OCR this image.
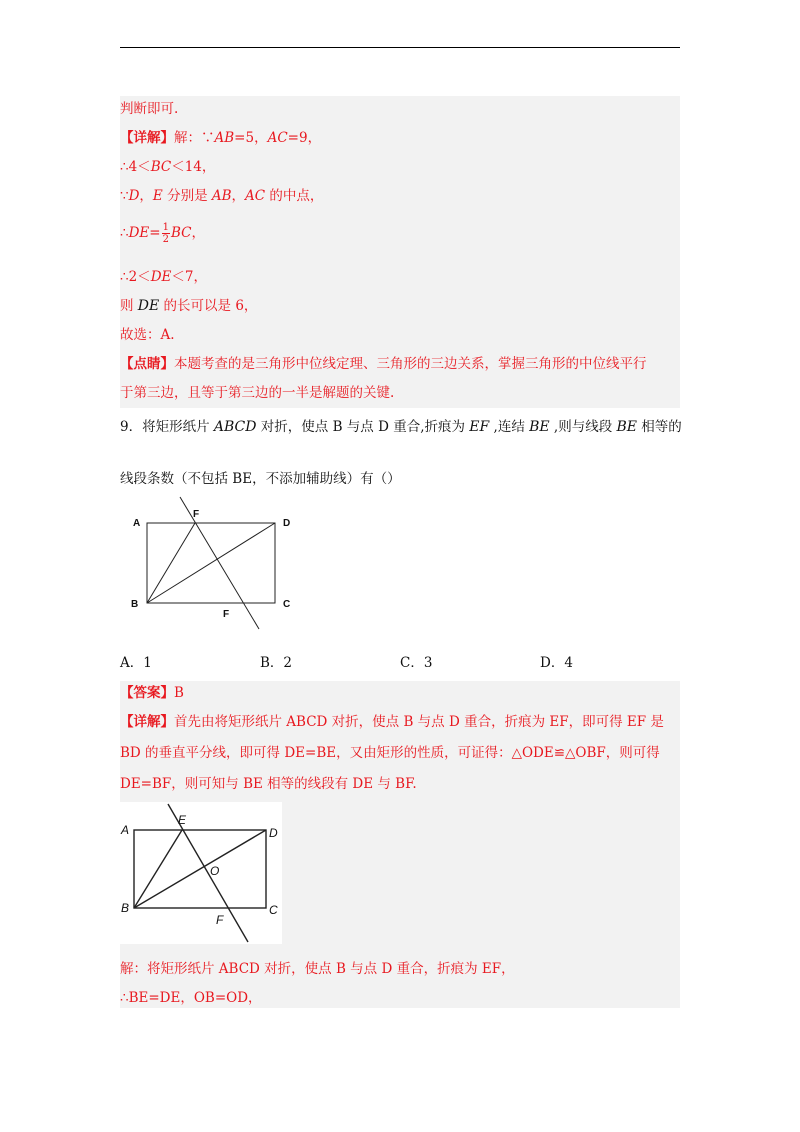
判断即可.
【详解】解：∵AB=5，AC=9，
∴4＜BC＜14，
∵D，E 分别是 AB，AC 的中点，
∴DE= $\frac{1}{2}$ BC，
∴2＜DE＜7，
则 DE 的长可以是 6，
故选：A.
【点睛】本题考查的是三角形中位线定理、三角形的三边关系，掌握三角形的中位线平行
于第三边，且等于第三边的一半是解题的关键.
9．将矩形纸片 ABCD 对折，使点 B 与点 D 重合,折痕为 EF ,连结 BE ,则与线段 BE 相等的
线段条数（不包括 BE，不添加辅助线）有（）
A
F
D
B
F
C
A．1	B．2	C．3	D．4
【答案】B
【详解】首先由将矩形纸片 ABCD 对折，使点 B 与点 D 重合，折痕为 EF，即可得 EF 是
BD 的垂直平分线，即可得 DE=BE，又由矩形的性质，可证得：△ODE≌△OBF，则可得
DE=BF，则可知与 BE 相等的线段有 DE 与 BF.
A
E
D
O
B
F
C
解：将矩形纸片 ABCD 对折，使点 B 与点 D 重合，折痕为 EF，
∴BE=DE，OB=OD，
